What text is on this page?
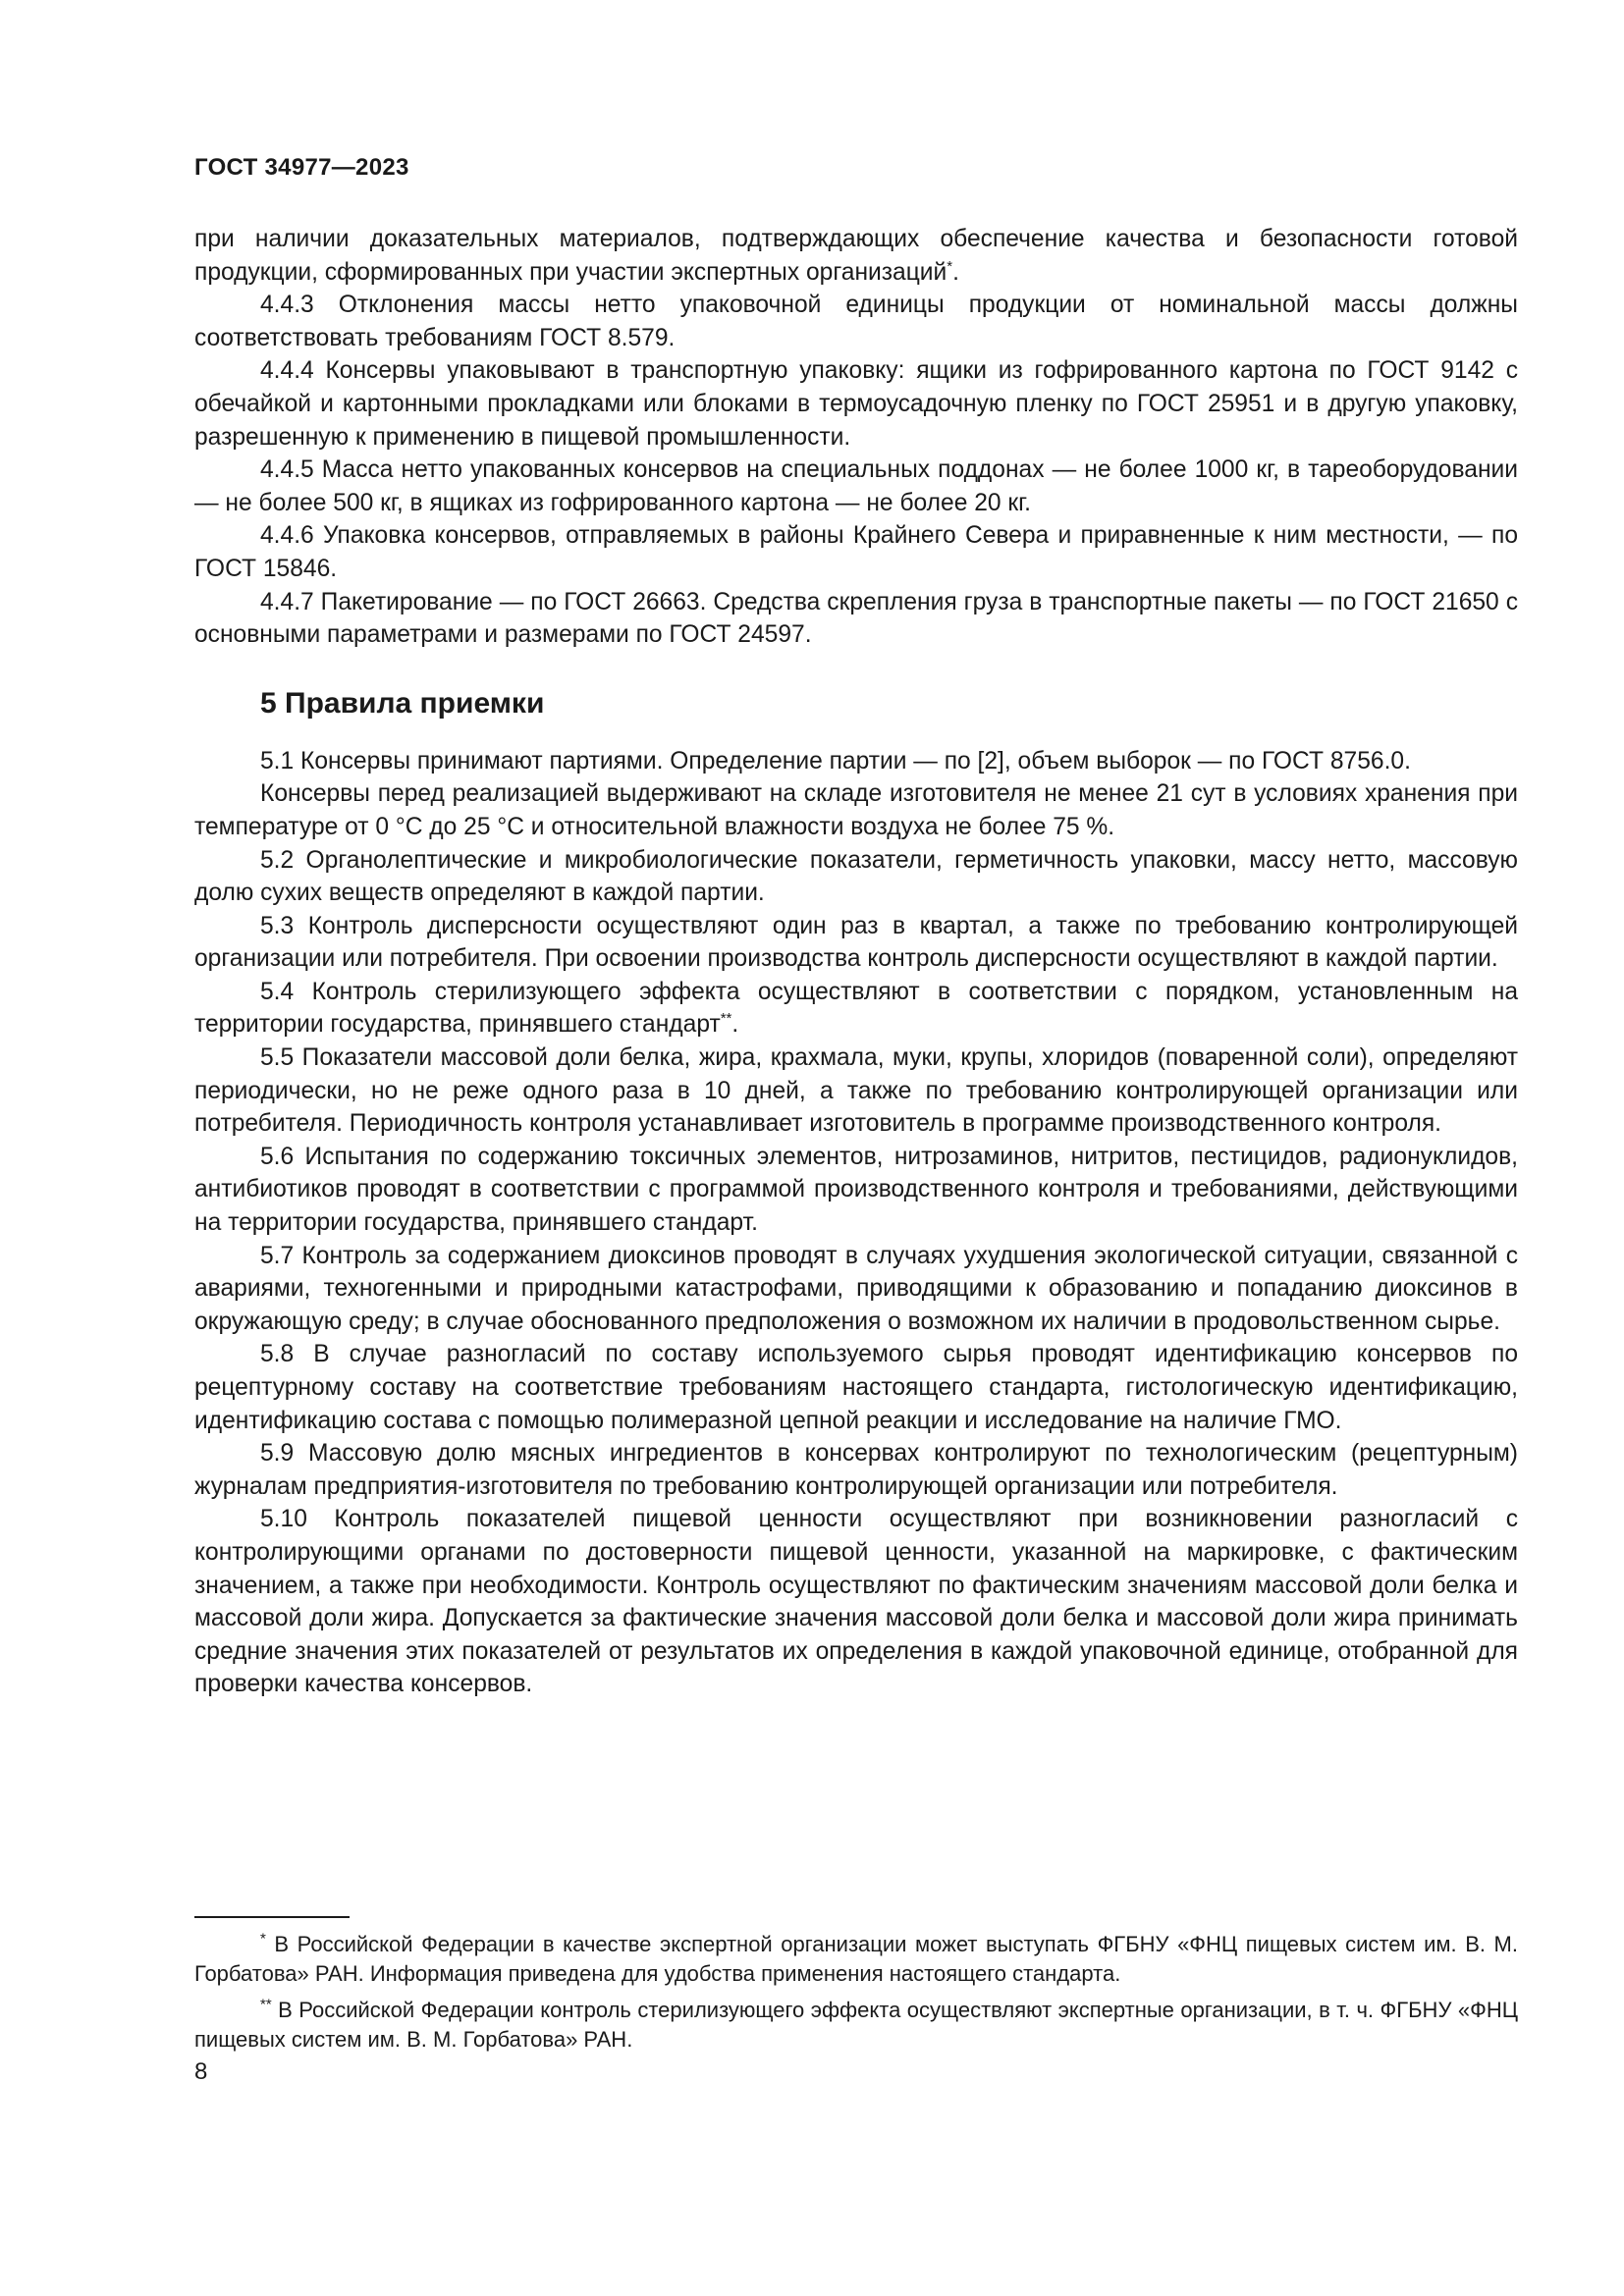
ГОСТ 34977—2023

при наличии доказательных материалов, подтверждающих обеспечение качества и безопасности готовой продукции, сформированных при участии экспертных организаций*.

4.4.3 Отклонения массы нетто упаковочной единицы продукции от номинальной массы должны соответствовать требованиям ГОСТ 8.579.

4.4.4 Консервы упаковывают в транспортную упаковку: ящики из гофрированного картона по ГОСТ 9142 с обечайкой и картонными прокладками или блоками в термоусадочную пленку по ГОСТ 25951 и в другую упаковку, разрешенную к применению в пищевой промышленности.

4.4.5 Масса нетто упакованных консервов на специальных поддонах — не более 1000 кг, в тареоборудовании — не более 500 кг, в ящиках из гофрированного картона — не более 20 кг.

4.4.6 Упаковка консервов, отправляемых в районы Крайнего Севера и приравненные к ним местности, — по ГОСТ 15846.

4.4.7 Пакетирование — по ГОСТ 26663. Средства скрепления груза в транспортные пакеты — по ГОСТ 21650 с основными параметрами и размерами по ГОСТ 24597.

5 Правила приемки

5.1 Консервы принимают партиями. Определение партии — по [2], объем выборок — по ГОСТ 8756.0.

Консервы перед реализацией выдерживают на складе изготовителя не менее 21 сут в условиях хранения при температуре от 0 °С до 25 °С и относительной влажности воздуха не более 75 %.

5.2 Органолептические и микробиологические показатели, герметичность упаковки, массу нетто, массовую долю сухих веществ определяют в каждой партии.

5.3 Контроль дисперсности осуществляют один раз в квартал, а также по требованию контролирующей организации или потребителя. При освоении производства контроль дисперсности осуществляют в каждой партии.

5.4 Контроль стерилизующего эффекта осуществляют в соответствии с порядком, установленным на территории государства, принявшего стандарт**.

5.5 Показатели массовой доли белка, жира, крахмала, муки, крупы, хлоридов (поваренной соли), определяют периодически, но не реже одного раза в 10 дней, а также по требованию контролирующей организации или потребителя. Периодичность контроля устанавливает изготовитель в программе производственного контроля.

5.6 Испытания по содержанию токсичных элементов, нитрозаминов, нитритов, пестицидов, радионуклидов, антибиотиков проводят в соответствии с программой производственного контроля и требованиями, действующими на территории государства, принявшего стандарт.

5.7 Контроль за содержанием диоксинов проводят в случаях ухудшения экологической ситуации, связанной с авариями, техногенными и природными катастрофами, приводящими к образованию и попаданию диоксинов в окружающую среду; в случае обоснованного предположения о возможном их наличии в продовольственном сырье.

5.8 В случае разногласий по составу используемого сырья проводят идентификацию консервов по рецептурному составу на соответствие требованиям настоящего стандарта, гистологическую идентификацию, идентификацию состава с помощью полимеразной цепной реакции и исследование на наличие ГМО.

5.9 Массовую долю мясных ингредиентов в консервах контролируют по технологическим (рецептурным) журналам предприятия-изготовителя по требованию контролирующей организации или потребителя.

5.10 Контроль показателей пищевой ценности осуществляют при возникновении разногласий с контролирующими органами по достоверности пищевой ценности, указанной на маркировке, с фактическим значением, а также при необходимости. Контроль осуществляют по фактическим значениям массовой доли белка и массовой доли жира. Допускается за фактические значения массовой доли белка и массовой доли жира принимать средние значения этих показателей от результатов их определения в каждой упаковочной единице, отобранной для проверки качества консервов.

* В Российской Федерации в качестве экспертной организации может выступать ФГБНУ «ФНЦ пищевых систем им. В. М. Горбатова» РАН. Информация приведена для удобства применения настоящего стандарта.

** В Российской Федерации контроль стерилизующего эффекта осуществляют экспертные организации, в т. ч. ФГБНУ «ФНЦ пищевых систем им. В. М. Горбатова» РАН.

8
